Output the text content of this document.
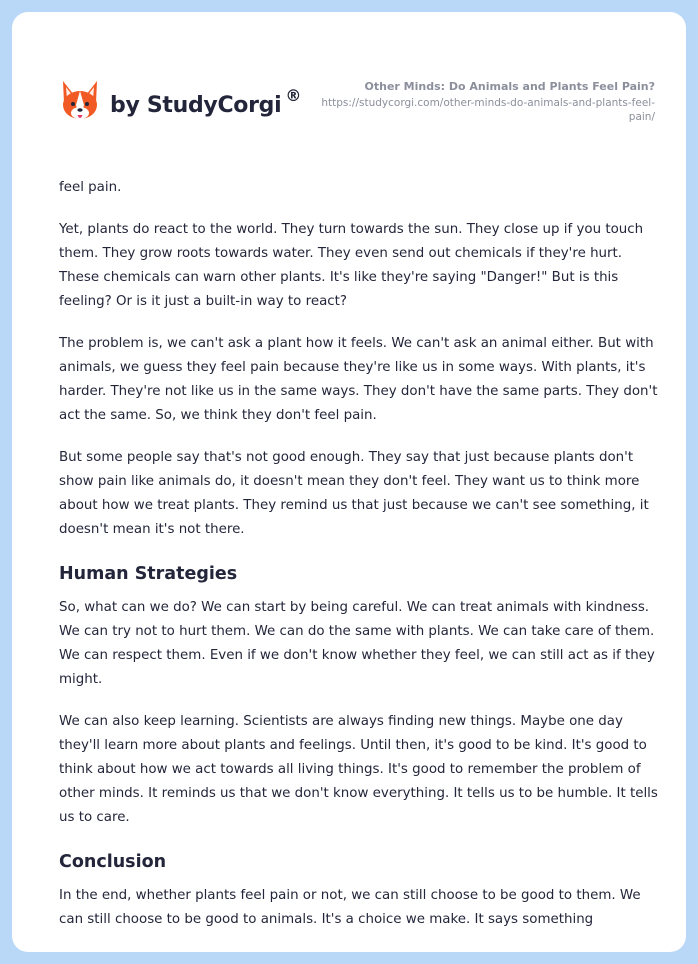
by StudyCorgi ®	Other Minds: Do Animals and Plants Feel Pain?
https://studycorgi.com/other-minds-do-animals-and-plants-feel-pain/

feel pain.

Yet, plants do react to the world. They turn towards the sun. They close up if you touch them. They grow roots towards water. They even send out chemicals if they're hurt. These chemicals can warn other plants. It's like they're saying "Danger!" But is this feeling? Or is it just a built-in way to react?

The problem is, we can't ask a plant how it feels. We can't ask an animal either. But with animals, we guess they feel pain because they're like us in some ways. With plants, it's harder. They're not like us in the same ways. They don't have the same parts. They don't act the same. So, we think they don't feel pain.

But some people say that's not good enough. They say that just because plants don't show pain like animals do, it doesn't mean they don't feel. They want us to think more about how we treat plants. They remind us that just because we can't see something, it doesn't mean it's not there.

Human Strategies

So, what can we do? We can start by being careful. We can treat animals with kindness. We can try not to hurt them. We can do the same with plants. We can take care of them. We can respect them. Even if we don't know whether they feel, we can still act as if they might.

We can also keep learning. Scientists are always finding new things. Maybe one day they'll learn more about plants and feelings. Until then, it's good to be kind. It's good to think about how we act towards all living things. It's good to remember the problem of other minds. It reminds us that we don't know everything. It tells us to be humble. It tells us to care.

Conclusion

In the end, whether plants feel pain or not, we can still choose to be good to them. We can still choose to be good to animals. It's a choice we make. It says something
